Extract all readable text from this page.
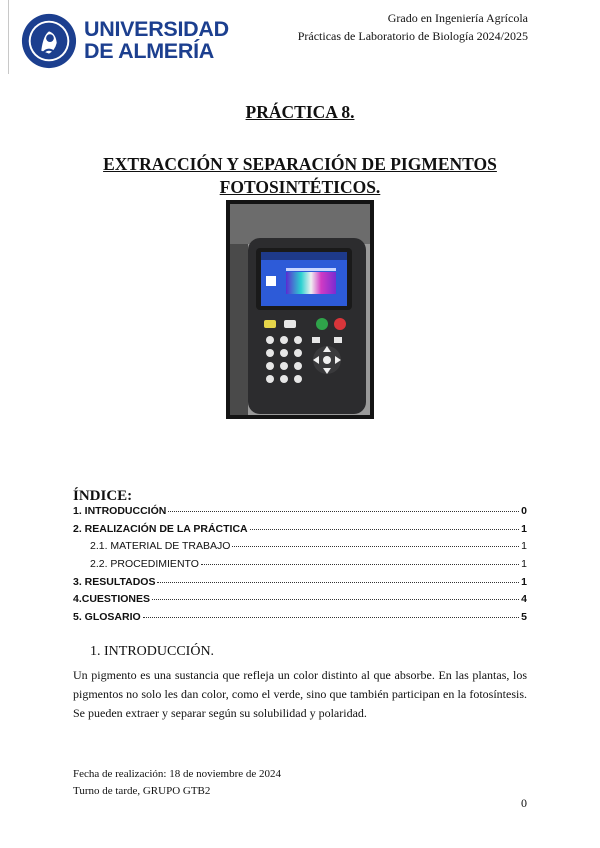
UNIVERSIDAD
DE ALMERÍA
Grado en Ingeniería Agrícola
Prácticas de Laboratorio de Biología 2024/2025
PRÁCTICA 8.
EXTRACCIÓN Y SEPARACIÓN DE PIGMENTOS FOTOSINTÉTICOS.
ÍNDICE:
1. INTRODUCCIÓN	0
2. REALIZACIÓN DE LA PRÁCTICA	1
2.1. MATERIAL DE TRABAJO	1
2.2. PROCEDIMIENTO	1
3. RESULTADOS	1
4.CUESTIONES	4
5. GLOSARIO	5
1. INTRODUCCIÓN.
Un pigmento es una sustancia que refleja un color distinto al que absorbe. En las plantas, los pigmentos no solo les dan color, como el verde, sino que también participan en la fotosíntesis. Se pueden extraer y separar según su solubilidad y polaridad.
Fecha de realización: 18 de noviembre de 2024
Turno de tarde, GRUPO GTB2
0
